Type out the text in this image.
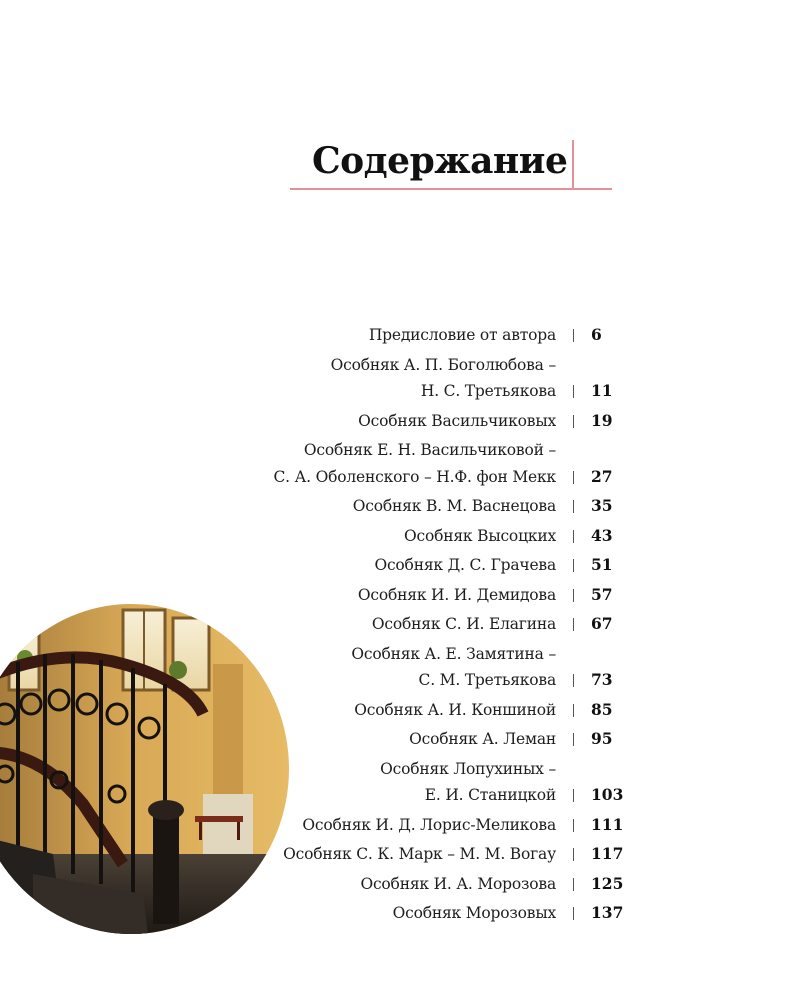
Содержание
Предисловие от автора 6
Особняк А. П. Боголюбова –
Н. С. Третьякова 11
Особняк Васильчиковых 19
Особняк Е. Н. Васильчиковой –
С. А. Оболенского – Н.Ф. фон Мекк 27
Особняк В. М. Васнецова 35
Особняк Высоцких 43
Особняк Д. С. Грачева 51
Особняк И. И. Демидова 57
Особняк С. И. Елагина 67
Особняк А. Е. Замятина –
С. М. Третьякова 73
Особняк А. И. Коншиной 85
Особняк А. Леман 95
Особняк Лопухиных –
Е. И. Станицкой 103
Особняк И. Д. Лорис-Меликова 111
Особняк С. К. Марк – М. М. Вогау 117
Особняк И. А. Морозова 125
Особняк Морозовых 137
